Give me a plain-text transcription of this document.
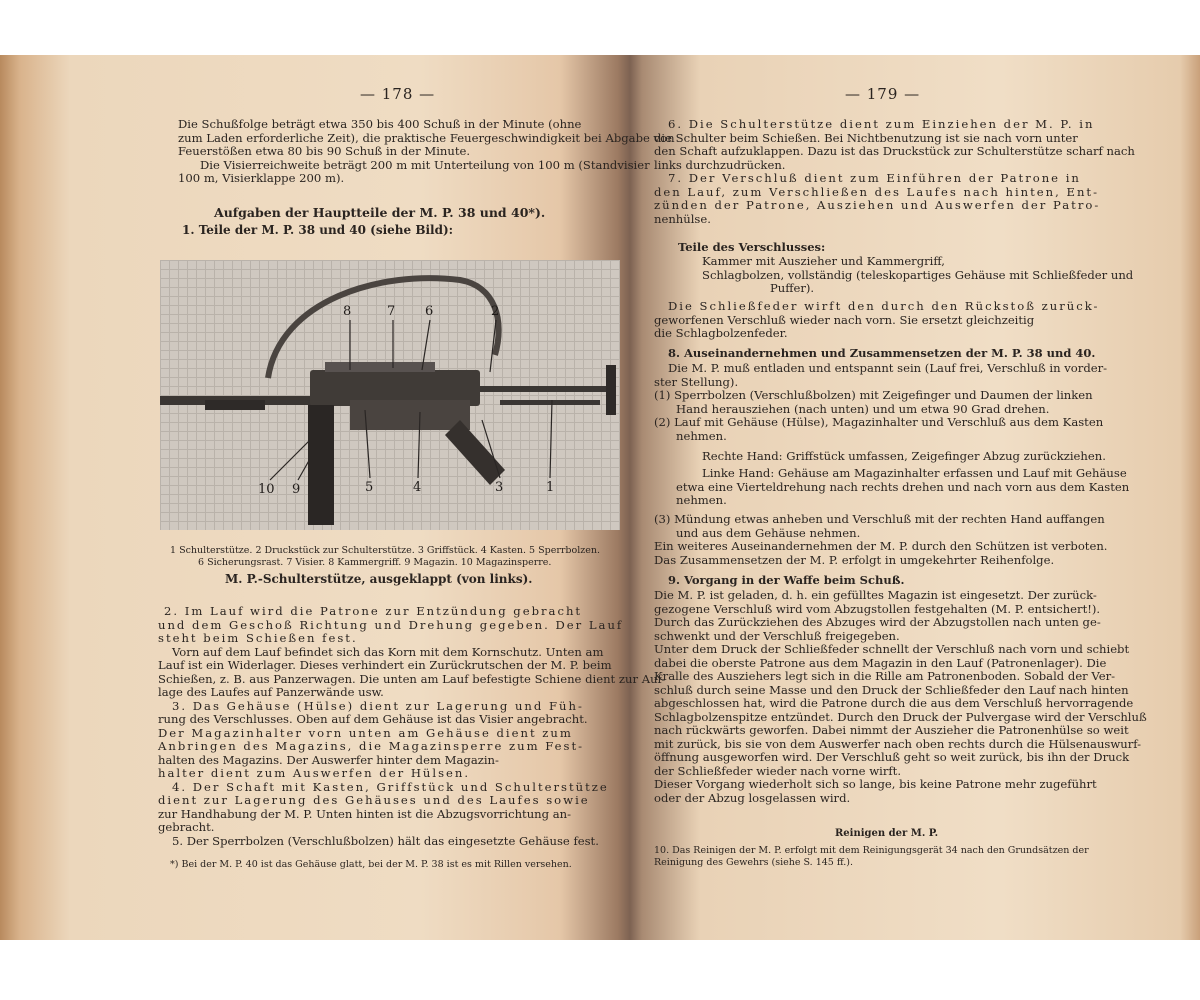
— 178 —
Die Schußfolge beträgt etwa 350 bis 400 Schuß in der Minute (ohne
zum Laden erforderliche Zeit), die praktische Feuergeschwindigkeit bei Abgabe von
Feuerstößen etwa 80 bis 90 Schuß in der Minute.
Die Visierreichweite beträgt 200 m mit Unterteilung von 100 m (Standvisier
100 m, Visierklappe 200 m).
Aufgaben der Hauptteile der M. P. 38 und 40*).
1. Teile der M. P. 38 und 40 (siehe Bild):
8	7 6	2
10 9	5	4	3	1
1 Schulterstütze. 2 Druckstück zur Schulterstütze. 3 Griffstück. 4 Kasten. 5 Sperrbolzen.
6 Sicherungsrast. 7 Visier. 8 Kammergriff. 9 Magazin. 10 Magazinsperre.
M. P.-Schulterstütze, ausgeklappt (von links).
2. Im Lauf wird die Patrone zur Entzündung gebracht
und dem Geschoß Richtung und Drehung gegeben. Der Lauf
steht beim Schießen fest.
Vorn auf dem Lauf befindet sich das Korn mit dem Kornschutz. Unten am
Lauf ist ein Widerlager. Dieses verhindert ein Zurückrutschen der M. P. beim
Schießen, z. B. aus Panzerwagen. Die unten am Lauf befestigte Schiene dient zur Auf-
lage des Laufes auf Panzerwände usw.
3. Das Gehäuse (Hülse) dient zur Lagerung und Füh-
rung des Verschlusses. Oben auf dem Gehäuse ist das Visier angebracht.
Der Magazinhalter vorn unten am Gehäuse dient zum
Anbringen des Magazins, die Magazinsperre zum Fest-
halten des Magazins. Der Auswerfer hinter dem Magazin-
halter dient zum Auswerfen der Hülsen.
4. Der Schaft mit Kasten, Griffstück und Schulterstütze
dient zur Lagerung des Gehäuses und des Laufes sowie
zur Handhabung der M. P. Unten hinten ist die Abzugsvorrichtung an-
gebracht.
5. Der Sperrbolzen (Verschlußbolzen) hält das eingesetzte Gehäuse fest.
*) Bei der M. P. 40 ist das Gehäuse glatt, bei der M. P. 38 ist es mit Rillen versehen.
— 179 —
6. Die Schulterstütze dient zum Einziehen der M. P. in
die Schulter beim Schießen. Bei Nichtbenutzung ist sie nach vorn unter
den Schaft aufzuklappen. Dazu ist das Druckstück zur Schulterstütze scharf nach
links durchzudrücken.
7. Der Verschluß dient zum Einführen der Patrone in
den Lauf, zum Verschließen des Laufes nach hinten, Ent-
zünden der Patrone, Ausziehen und Auswerfen der Patro-
nenhülse.
Teile des Verschlusses:
Kammer mit Auszieher und Kammergriff,
Schlagbolzen, vollständig (teleskopartiges Gehäuse mit Schließfeder und
Puffer).
Die Schließfeder wirft den durch den Rückstoß zurück-
geworfenen Verschluß wieder nach vorn. Sie ersetzt gleichzeitig
die Schlagbolzenfeder.
8. Auseinandernehmen und Zusammensetzen der M. P. 38 und 40.
Die M. P. muß entladen und entspannt sein (Lauf frei, Verschluß in vorder-
ster Stellung).
(1) Sperrbolzen (Verschlußbolzen) mit Zeigefinger und Daumen der linken
Hand herausziehen (nach unten) und um etwa 90 Grad drehen.
(2) Lauf mit Gehäuse (Hülse), Magazinhalter und Verschluß aus dem Kasten
nehmen.
Rechte Hand: Griffstück umfassen, Zeigefinger Abzug zurückziehen.
Linke Hand: Gehäuse am Magazinhalter erfassen und Lauf mit Gehäuse
etwa eine Vierteldrehung nach rechts drehen und nach vorn aus dem Kasten
nehmen.
(3) Mündung etwas anheben und Verschluß mit der rechten Hand auffangen
und aus dem Gehäuse nehmen.
Ein weiteres Auseinandernehmen der M. P. durch den Schützen ist verboten.
Das Zusammensetzen der M. P. erfolgt in umgekehrter Reihenfolge.
9. Vorgang in der Waffe beim Schuß.
Die M. P. ist geladen, d. h. ein gefülltes Magazin ist eingesetzt. Der zurück-
gezogene Verschluß wird vom Abzugstollen festgehalten (M. P. entsichert!).
Durch das Zurückziehen des Abzuges wird der Abzugstollen nach unten ge-
schwenkt und der Verschluß freigegeben.
Unter dem Druck der Schließfeder schnellt der Verschluß nach vorn und schiebt
dabei die oberste Patrone aus dem Magazin in den Lauf (Patronenlager). Die
Kralle des Ausziehers legt sich in die Rille am Patronenboden. Sobald der Ver-
schluß durch seine Masse und den Druck der Schließfeder den Lauf nach hinten
abgeschlossen hat, wird die Patrone durch die aus dem Verschluß hervorragende
Schlagbolzenspitze entzündet. Durch den Druck der Pulvergase wird der Verschluß
nach rückwärts geworfen. Dabei nimmt der Auszieher die Patronenhülse so weit
mit zurück, bis sie von dem Auswerfer nach oben rechts durch die Hülsenauswurf-
öffnung ausgeworfen wird. Der Verschluß geht so weit zurück, bis ihn der Druck
der Schließfeder wieder nach vorne wirft.
Dieser Vorgang wiederholt sich so lange, bis keine Patrone mehr zugeführt
oder der Abzug losgelassen wird.
Reinigen der M. P.
10. Das Reinigen der M. P. erfolgt mit dem Reinigungsgerät 34 nach den Grundsätzen der
Reinigung des Gewehrs (siehe S. 145 ff.).
